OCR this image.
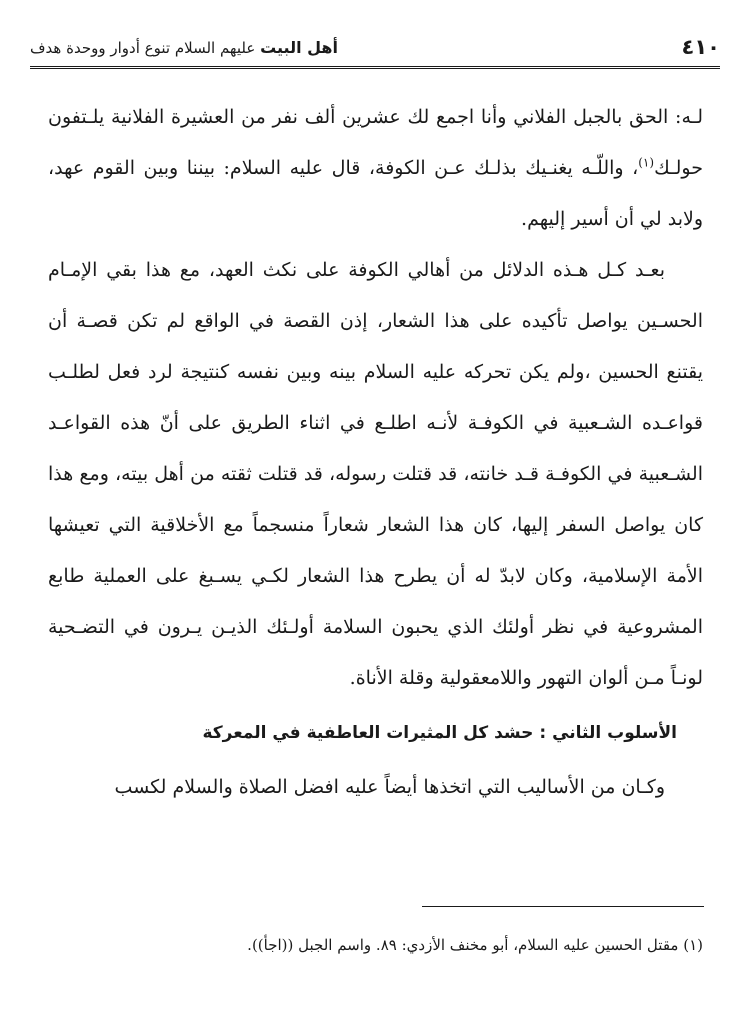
٤١٠
أهل البيت عليهم السلام تنوع أدوار ووحدة هدف

لـه: الحق بالجبل الفلاني وأنا اجمع لك عشرين ألف نفر من العشيرة الفلانية يلـتفون حولـك$^{(١)}$، واللّـه يغنـيك بذلـك عـن الكوفة، قال عليه السلام: بيننا وبين القوم عهد، ولابد لي أن أسير إليهم.

بعـد كـل هـذه الدلائل من أهالي الكوفة على نكث العهد، مع هذا بقي الإمـام الحسـين يواصل تأكيده على هذا الشعار، إذن القصة في الواقع لم تكن قصـة أن يقتنع الحسين ،ولم يكن تحركه عليه السلام بينه وبين نفسه كنتيجة لرد فعل لطلـب قواعـده الشـعبية في الكوفـة لأنـه اطلـع في اثناء الطريق على أنّ هذه القواعـد الشـعبية في الكوفـة قـد خانته، قد قتلت رسوله، قد قتلت ثقته من أهل بيته، ومع هذا كان يواصل السفر إليها، كان هذا الشعار شعاراً منسجماً مع الأخلاقية التي تعيشها الأمة الإسلامية، وكان لابدّ له أن يطرح هذا الشعار لكـي يسـبغ على العملية طابع المشروعية في نظر أولئك الذي يحبون السلامة أولـئك الذيـن يـرون في التضـحية لونـاً مـن ألوان التهور واللامعقولية وقلة الأناة.

الأسلوب الثاني : حشد كل المثيرات العاطفية في المعركة

وكـان من الأساليب التي اتخذها أيضاً عليه افضل الصلاة والسلام لكسب

(١) مقتل الحسين عليه السلام، أبو مخنف الأزدي: ٨٩. واسم الجبل ((اجأ)).
